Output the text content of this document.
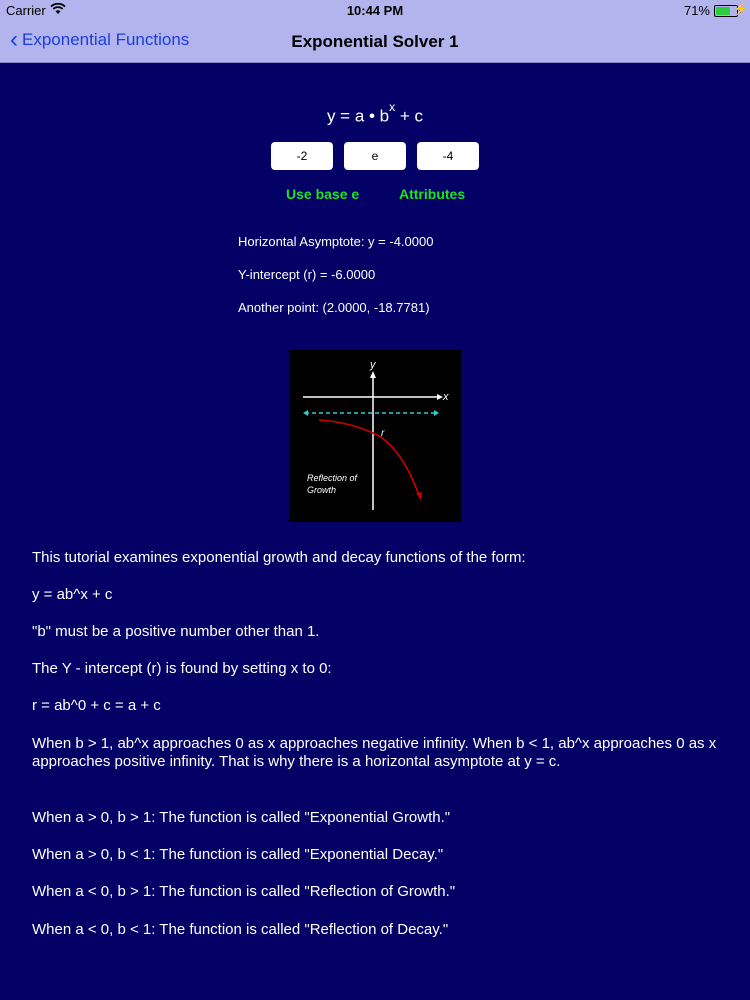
Carrier	10:44 PM	71% ⚡
‹ Exponential Functions	Exponential Solver 1
y = a • $b^x + c$
-2	e	-4
Use base e	Attributes
Horizontal Asymptote: y = -4.0000
Y-intercept (r) = -6.0000
Another point: (2.0000, -18.7781)
x
y
r
Reflection of
Growth
This tutorial examines exponential growth and decay functions of the form:
y = ab^x + c
"b" must be a positive number other than 1.
The Y - intercept (r) is found by setting x to 0:
r = ab^0 + c = a + c
When b > 1, ab^x approaches 0 as x approaches negative infinity. When b < 1, ab^x approaches 0 as x approaches positive infinity. That is why there is a horizontal asymptote at y = c.
When a > 0, b > 1: The function is called "Exponential Growth."
When a > 0, b < 1: The function is called "Exponential Decay."
When a < 0, b > 1: The function is called "Reflection of Growth."
When a < 0, b < 1: The function is called "Reflection of Decay."
